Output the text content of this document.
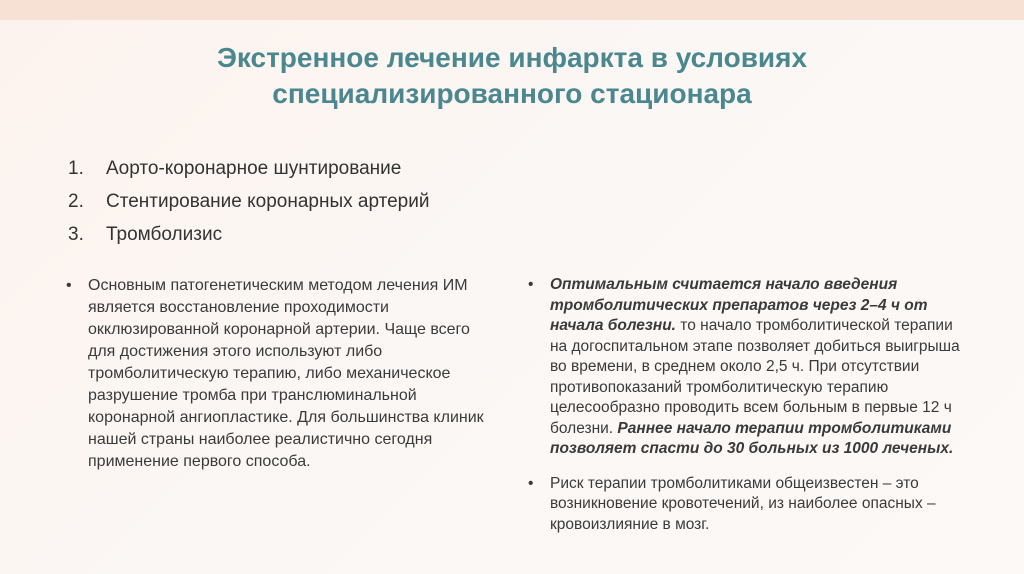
Экстренное лечение инфаркта в условиях
специализированного стационара
1.	Аорто-коронарное шунтирование
2.	Стентирование коронарных артерий
3.	Тромболизис
•	Основным патогенетическим методом лечения ИМ является восстановление проходимости окклюзированной коронарной артерии. Чаще всего для достижения этого используют либо тромболитическую терапию, либо механическое разрушение тромба при транслюминальной коронарной ангиопластике. Для большинства клиник нашей страны наиболее реалистично сегодня применение первого способа.
•	Оптимальным считается начало введения тромболитических препаратов через 2–4 ч от начала болезни. то начало тромболитической терапии на догоспитальном этапе позволяет добиться выигрыша во времени, в среднем около 2,5 ч. При отсутствии противопоказаний тромболитическую терапию целесообразно проводить всем больным в первые 12 ч болезни. Раннее начало терапии тромболитиками позволяет спасти до 30 больных из 1000 леченых.
•	Риск терапии тромболитиками общеизвестен – это возникновение кровотечений, из наиболее опасных – кровоизлияние в мозг.
